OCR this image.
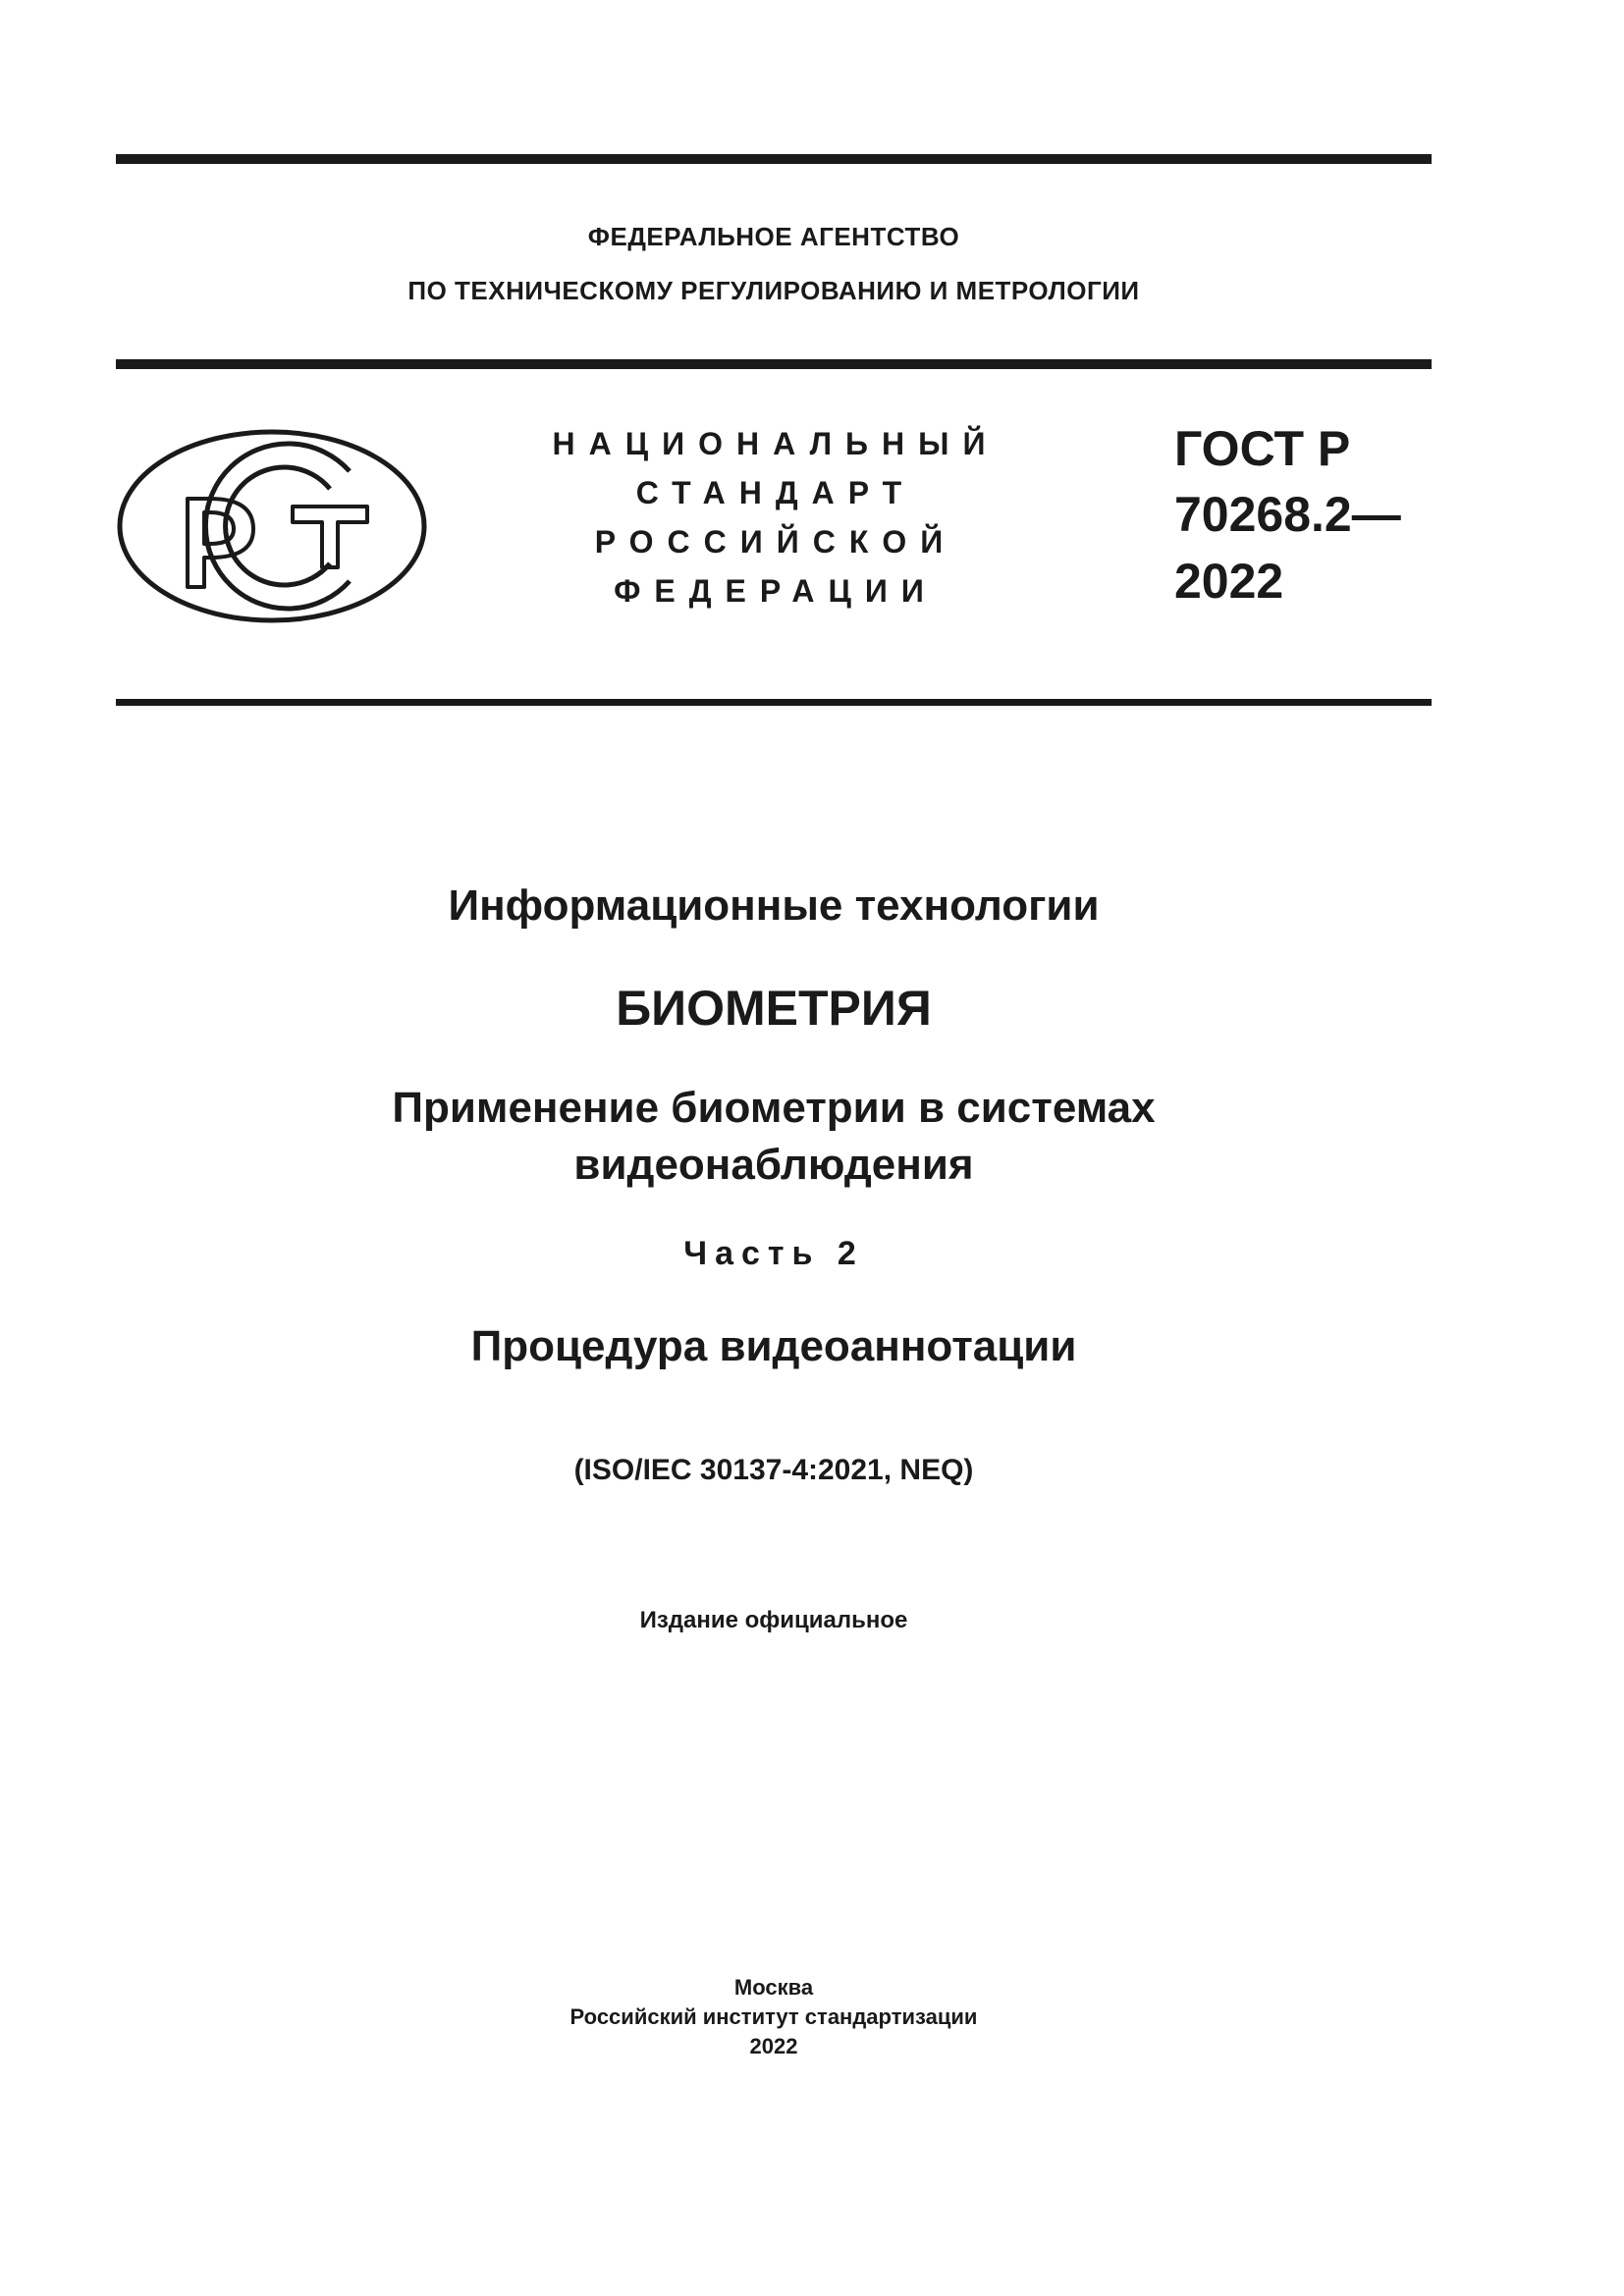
ФЕДЕРАЛЬНОЕ АГЕНТСТВО
ПО ТЕХНИЧЕСКОМУ РЕГУЛИРОВАНИЮ И МЕТРОЛОГИИ
НАЦИОНАЛЬНЫЙ
СТАНДАРТ
РОССИЙСКОЙ
ФЕДЕРАЦИИ
ГОСТ Р
70268.2—
2022
Информационные технологии
БИОМЕТРИЯ
Применение биометрии в системах
видеонаблюдения
Часть 2
Процедура видеоаннотации
(ISO/IEC 30137-4:2021, NEQ)
Издание официальное
Москва
Российский институт стандартизации
2022
